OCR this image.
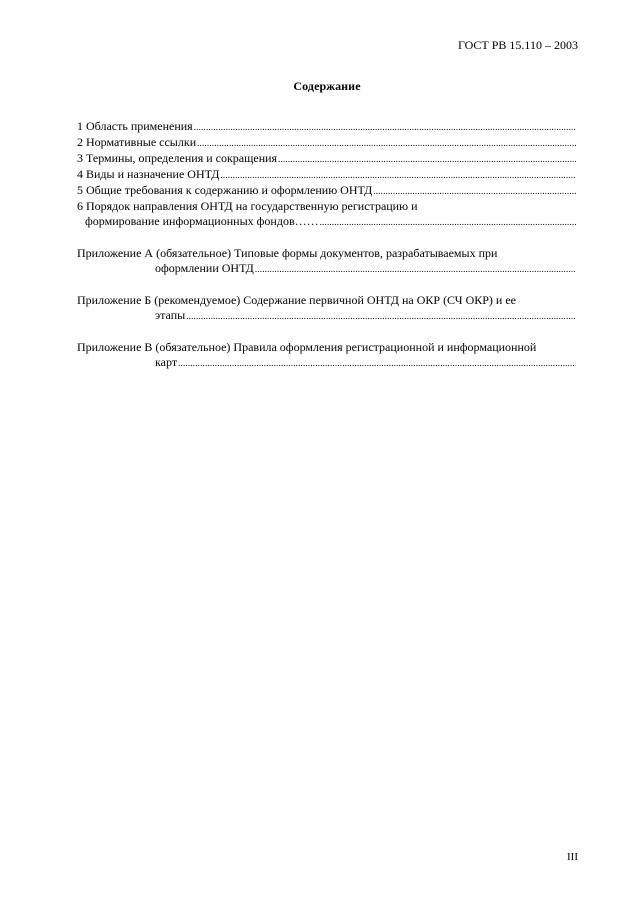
ГОСТ РВ 15.110 – 2003
Содержание
1 Область применения
.....
2 Нормативные ссылки
.....
3 Термины, определения и сокращения
.....
4 Виды и назначение ОНТД
.....
5 Общие требования к содержанию и оформлению ОНТД
.....
6 Порядок направления ОНТД на государственную регистрацию и
формирование информационных фондов……
.....
Приложение А (обязательное) Типовые формы документов, разрабатываемых при
оформлении ОНТД
.....
Приложение Б (рекомендуемое) Содержание первичной ОНТД на ОКР (СЧ ОКР) и ее
этапы
.....
Приложение В (обязательное) Правила оформления регистрационной и информационной
карт
.....
III
